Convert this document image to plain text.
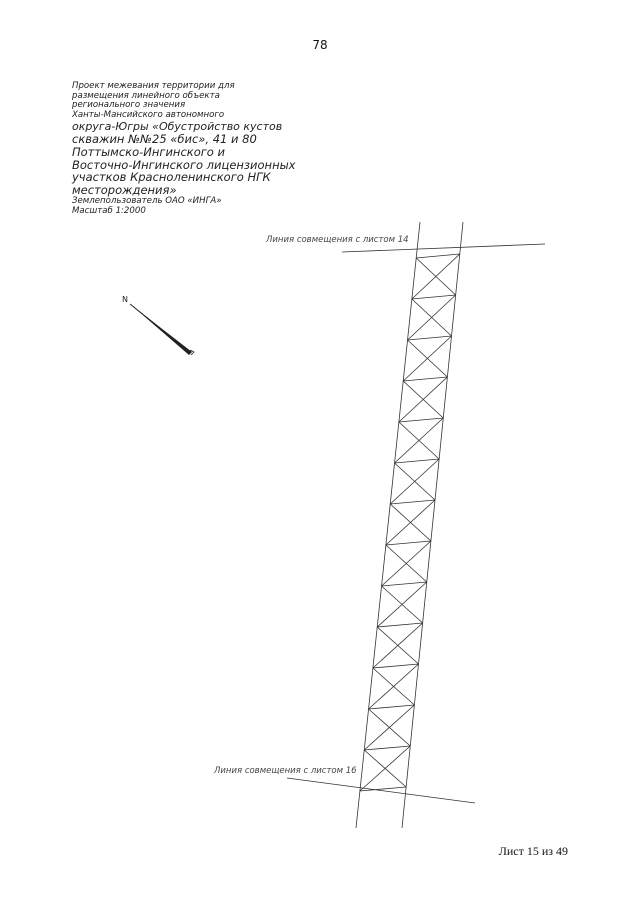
78
Проект межевания территории для
размещения линейного объекта
регионального значения
Ханты-Мансийского автономного
округа-Югры «Обустройство кустов
скважин №№25 «бис», 41 и 80
Поттымско-Ингинского и
Восточно-Ингинского лицензионных
участков Красноленинского НГК
месторождения»
Землепользователь ОАО «ИНГА»
Масштаб 1:2000
N
Линия совмещения с листом 14
Линия совмещения с листом 16
Лист 15 из 49
